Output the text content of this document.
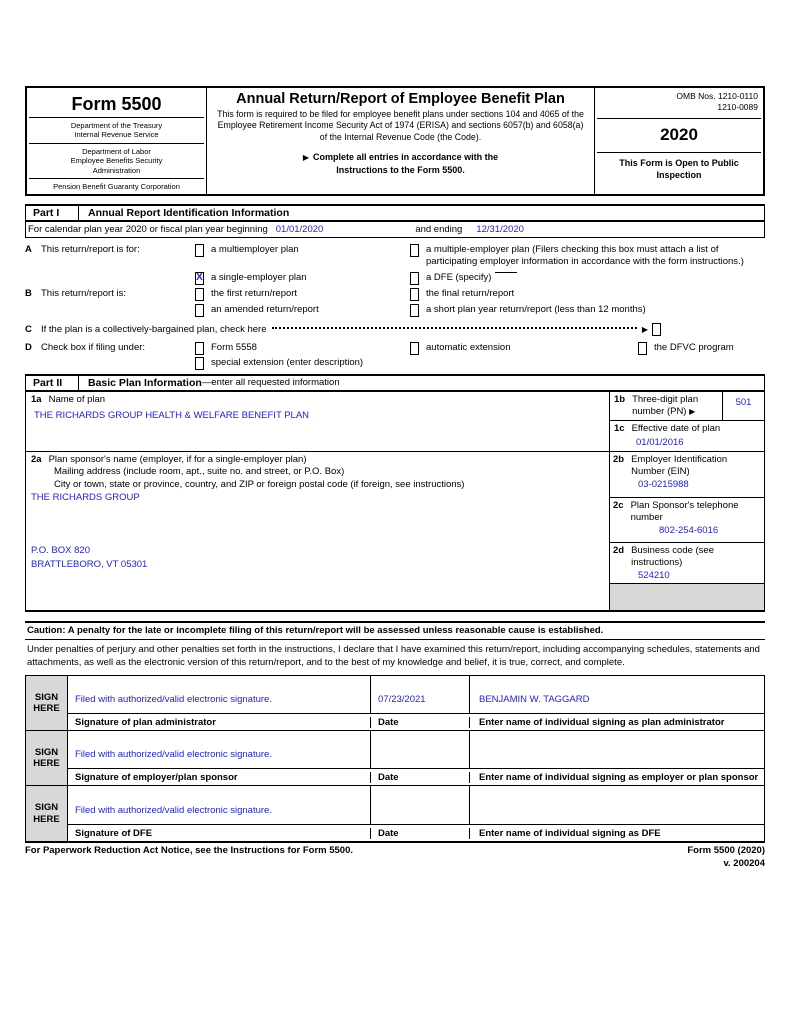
Form 5500
Department of the Treasury
Internal Revenue Service
Department of Labor
Employee Benefits Security
Administration
Pension Benefit Guaranty Corporation
Annual Return/Report of Employee Benefit Plan
This form is required to be filed for employee benefit plans under sections 104 and 4065 of the Employee Retirement Income Security Act of 1974 (ERISA) and sections 6057(b) and 6058(a) of the Internal Revenue Code (the Code).
▶ Complete all entries in accordance with the Instructions to the Form 5500.
OMB Nos. 1210-0110
1210-0089
2020
This Form is Open to Public Inspection
Part I	Annual Report Identification Information
For calendar plan year 2020 or fiscal plan year beginning 01/01/2020	and ending 12/31/2020
A This return/report is for:	a multiemployer plan	a multiple-employer plan (Filers checking this box must attach a list of participating employer information in accordance with the form instructions.)
X a single-employer plan	a DFE (specify)
B This return/report is:	the first return/report	the final return/report
an amended return/report	a short plan year return/report (less than 12 months)
C If the plan is a collectively-bargained plan, check here	▶
D Check box if filing under:	Form 5558	automatic extension	the DFVC program
special extension (enter description)
Part II	Basic Plan Information —enter all requested information
1a Name of plan
THE RICHARDS GROUP HEALTH & WELFARE BENEFIT PLAN
1b Three-digit plan number (PN) ▶
501
1c Effective date of plan
01/01/2016
2a Plan sponsor's name (employer, if for a single-employer plan)
Mailing address (include room, apt., suite no. and street, or P.O. Box)
City or town, state or province, country, and ZIP or foreign postal code (if foreign, see instructions)
THE RICHARDS GROUP
P.O. BOX 820
BRATTLEBORO, VT 05301
2b Employer Identification Number (EIN)
03-0215988
2c Plan Sponsor's telephone number
802-254-6016
2d Business code (see instructions)
524210
Caution: A penalty for the late or incomplete filing of this return/report will be assessed unless reasonable cause is established.
Under penalties of perjury and other penalties set forth in the instructions, I declare that I have examined this return/report, including accompanying schedules, statements and attachments, as well as the electronic version of this return/report, and to the best of my knowledge and belief, it is true, correct, and complete.
SIGN HERE
Filed with authorized/valid electronic signature.	07/23/2021	BENJAMIN W. TAGGARD
Signature of plan administrator	Date	Enter name of individual signing as plan administrator
SIGN HERE
Filed with authorized/valid electronic signature.
Signature of employer/plan sponsor	Date	Enter name of individual signing as employer or plan sponsor
SIGN HERE
Filed with authorized/valid electronic signature.
Signature of DFE	Date	Enter name of individual signing as DFE
For Paperwork Reduction Act Notice, see the Instructions for Form 5500.	Form 5500 (2020)
v. 200204
